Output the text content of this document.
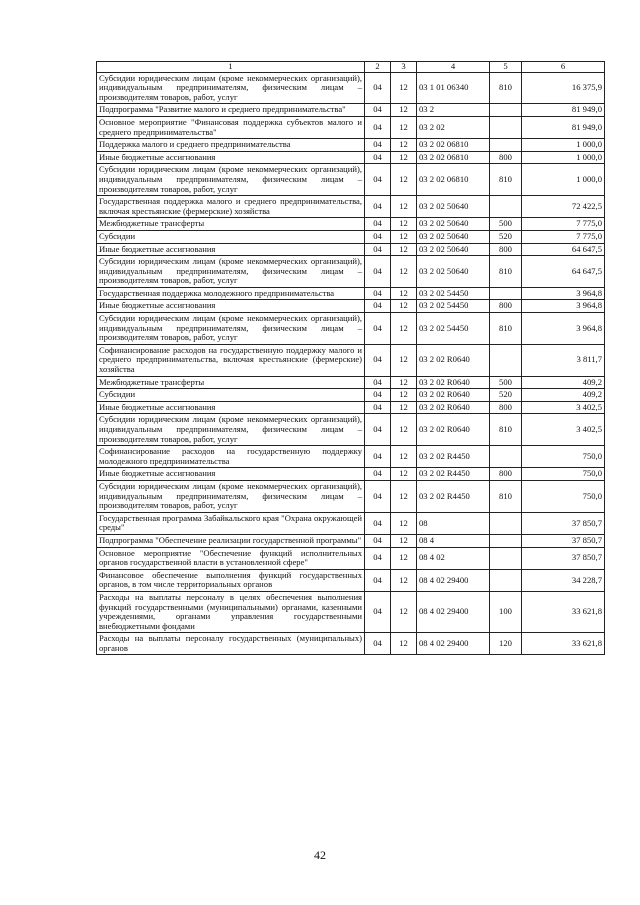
1	2	3	4	5	6
Субсидии юридическим лицам (кроме некоммерческих организаций), индивидуальным предпринимателям, физическим лицам – производителям товаров, работ, услуг	04	12	03 1 01 06340	810	16 375,9
Подпрограмма "Развитие малого и среднего предпринимательства"	04	12	03 2		81 949,0
Основное мероприятие "Финансовая поддержка субъектов малого и среднего предпринимательства"	04	12	03 2 02		81 949,0
Поддержка малого и среднего предпринимательства	04	12	03 2 02 06810		1 000,0
Иные бюджетные ассигнования	04	12	03 2 02 06810	800	1 000,0
Субсидии юридическим лицам (кроме некоммерческих организаций), индивидуальным предпринимателям, физическим лицам – производителям товаров, работ, услуг	04	12	03 2 02 06810	810	1 000,0
Государственная поддержка малого и среднего предпринимательства, включая крестьянские (фермерские) хозяйства	04	12	03 2 02 50640		72 422,5
Межбюджетные трансферты	04	12	03 2 02 50640	500	7 775,0
Субсидии	04	12	03 2 02 50640	520	7 775,0
Иные бюджетные ассигнования	04	12	03 2 02 50640	800	64 647,5
Субсидии юридическим лицам (кроме некоммерческих организаций), индивидуальным предпринимателям, физическим лицам – производителям товаров, работ, услуг	04	12	03 2 02 50640	810	64 647,5
Государственная поддержка молодежного предпринимательства	04	12	03 2 02 54450		3 964,8
Иные бюджетные ассигнования	04	12	03 2 02 54450	800	3 964,8
Субсидии юридическим лицам (кроме некоммерческих организаций), индивидуальным предпринимателям, физическим лицам – производителям товаров, работ, услуг	04	12	03 2 02 54450	810	3 964,8
Софинансирование расходов на государственную поддержку малого и среднего предпринимательства, включая крестьянские (фермерские) хозяйства	04	12	03 2 02 R0640		3 811,7
Межбюджетные трансферты	04	12	03 2 02 R0640	500	409,2
Субсидии	04	12	03 2 02 R0640	520	409,2
Иные бюджетные ассигнования	04	12	03 2 02 R0640	800	3 402,5
Субсидии юридическим лицам (кроме некоммерческих организаций), индивидуальным предпринимателям, физическим лицам – производителям товаров, работ, услуг	04	12	03 2 02 R0640	810	3 402,5
Софинансирование расходов на государственную поддержку молодежного предпринимательства	04	12	03 2 02 R4450		750,0
Иные бюджетные ассигнования	04	12	03 2 02 R4450	800	750,0
Субсидии юридическим лицам (кроме некоммерческих организаций), индивидуальным предпринимателям, физическим лицам – производителям товаров, работ, услуг	04	12	03 2 02 R4450	810	750,0
Государственная программа Забайкальского края "Охрана окружающей среды"	04	12	08		37 850,7
Подпрограмма "Обеспечение реализации государственной программы"	04	12	08 4		37 850,7
Основное мероприятие "Обеспечение функций исполнительных органов государственной власти в установленной сфере"	04	12	08 4 02		37 850,7
Финансовое обеспечение выполнения функций государственных органов, в том числе территориальных органов	04	12	08 4 02 29400		34 228,7
Расходы на выплаты персоналу в целях обеспечения выполнения функций государственными (муниципальными) органами, казенными учреждениями, органами управления государственными внебюджетными фондами	04	12	08 4 02 29400	100	33 621,8
Расходы на выплаты персоналу государственных (муниципальных) органов	04	12	08 4 02 29400	120	33 621,8
42
